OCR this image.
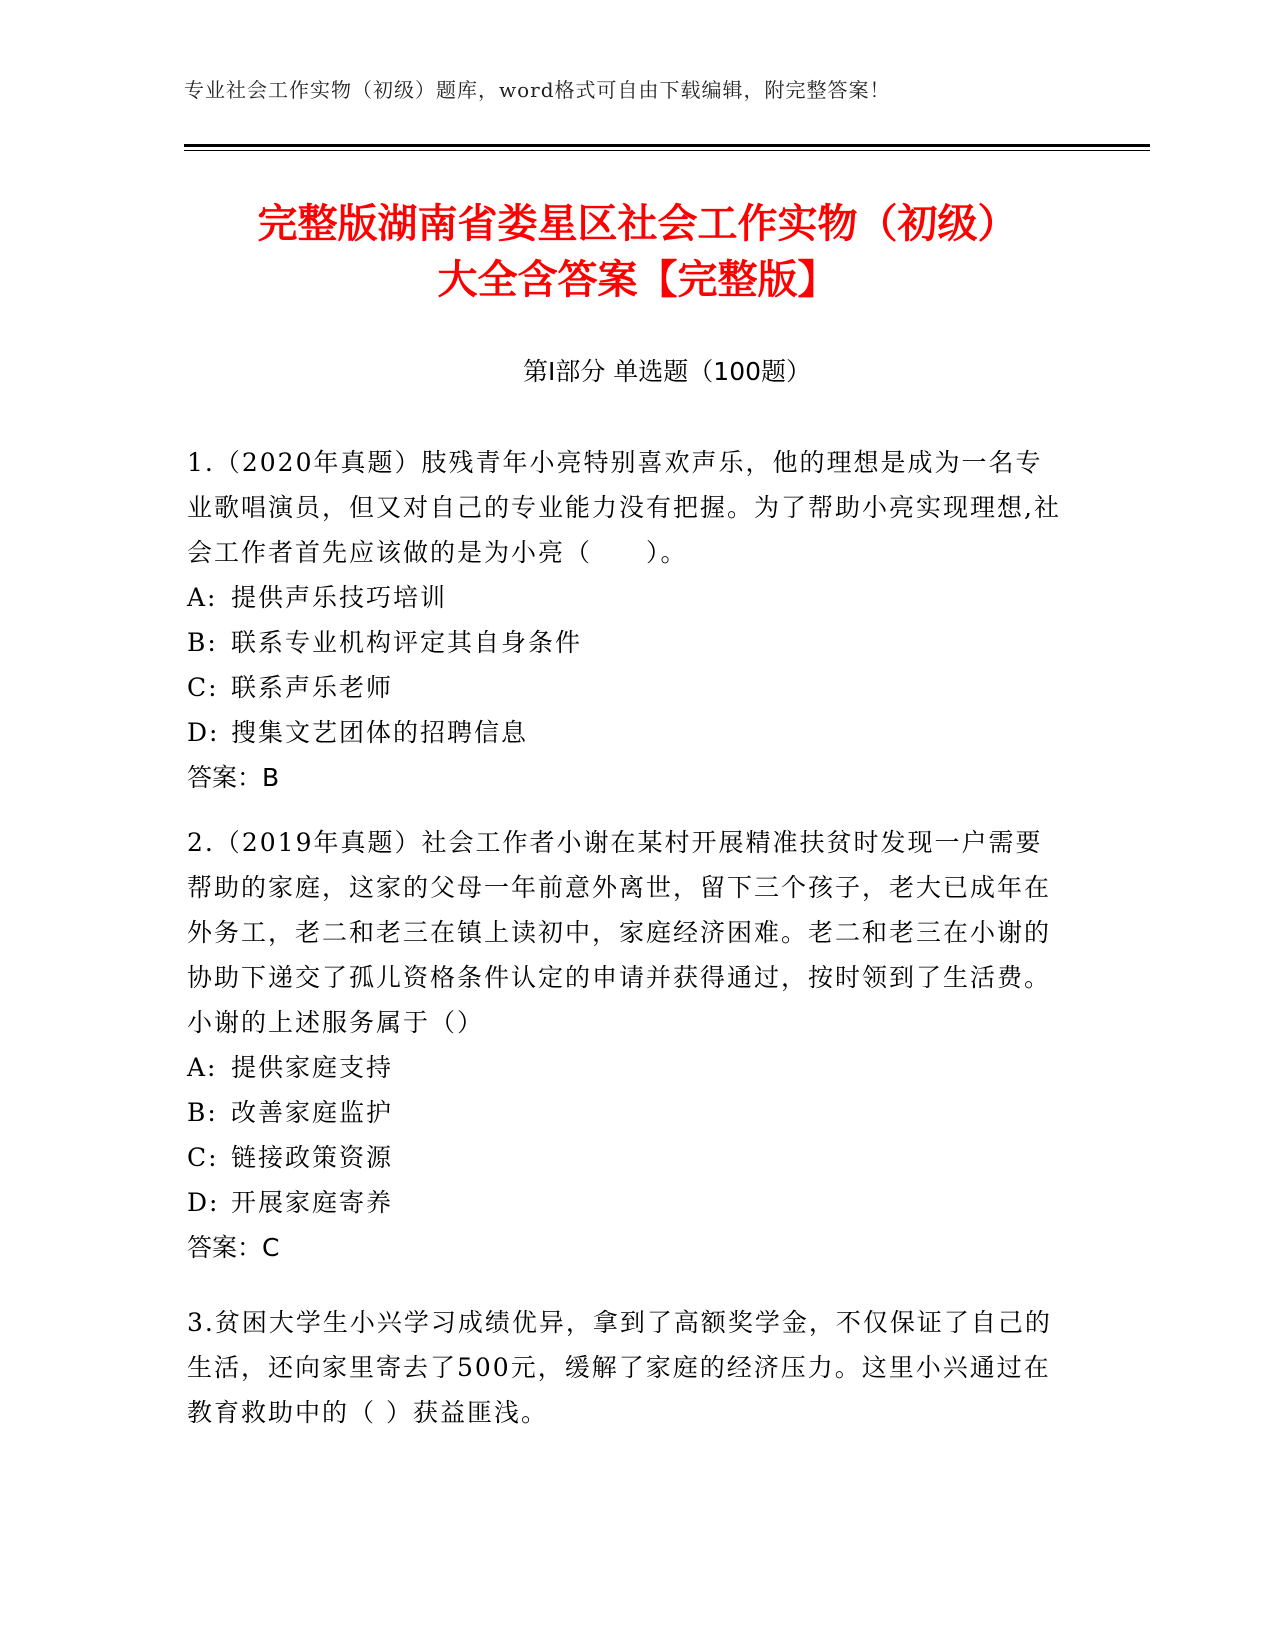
专业社会工作实物（初级）题库，word格式可自由下载编辑，附完整答案！
完整版湖南省娄星区社会工作实物（初级）
大全含答案【完整版】
第Ⅰ部分 单选题（100题）

1.（2020年真题）肢残青年小亮特别喜欢声乐，他的理想是成为一名专业歌唱演员，但又对自己的专业能力没有把握。为了帮助小亮实现理想,社会工作者首先应该做的是为小亮（　　）。

A: 提供声乐技巧培训

B: 联系专业机构评定其自身条件

C: 联系声乐老师

D: 搜集文艺团体的招聘信息

答案：B

2.（2019年真题）社会工作者小谢在某村开展精准扶贫时发现一户需要帮助的家庭，这家的父母一年前意外离世，留下三个孩子，老大已成年在外务工，老二和老三在镇上读初中，家庭经济困难。老二和老三在小谢的协助下递交了孤儿资格条件认定的申请并获得通过，按时领到了生活费。小谢的上述服务属于（）

A: 提供家庭支持

B: 改善家庭监护

C: 链接政策资源

D: 开展家庭寄养

答案：C

3.贫困大学生小兴学习成绩优异，拿到了高额奖学金，不仅保证了自己的生活，还向家里寄去了500元，缓解了家庭的经济压力。这里小兴通过在教育救助中的（ ）获益匪浅。
